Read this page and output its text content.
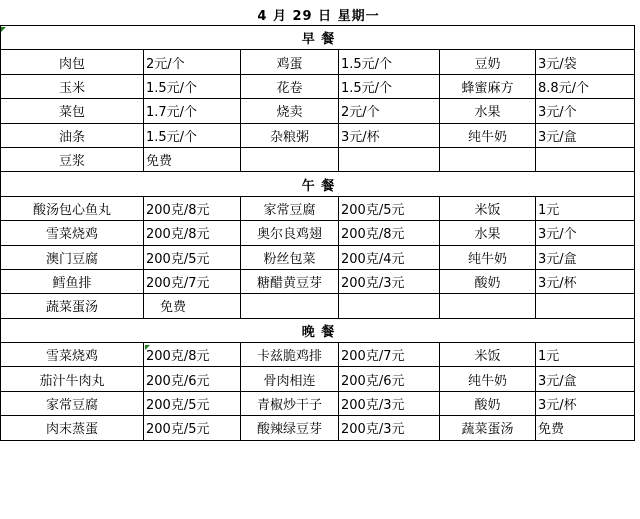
4 月 29 日 星期一					
早 餐					
肉包	2元/个	鸡蛋	1.5元/个	豆奶	3元/袋
玉米	1.5元/个	花卷	1.5元/个	蜂蜜麻方	8.8元/个
菜包	1.7元/个	烧卖	2元/个	水果	3元/个
油条	1.5元/个	杂粮粥	3元/杯	纯牛奶	3元/盒
豆浆	免费				
午 餐					
酸汤包心鱼丸	200克/8元	家常豆腐	200克/5元	米饭	1元
雪菜烧鸡	200克/8元	奥尔良鸡翅	200克/8元	水果	3元/个
澳门豆腐	200克/5元	粉丝包菜	200克/4元	纯牛奶	3元/盒
鳕鱼排	200克/7元	糖醋黄豆芽	200克/3元	酸奶	3元/杯
蔬菜蛋汤	免费				
晚 餐					
雪菜烧鸡	200克/8元	卡兹脆鸡排	200克/7元	米饭	1元
茄汁牛肉丸	200克/6元	骨肉相连	200克/6元	纯牛奶	3元/盒
家常豆腐	200克/5元	青椒炒干子	200克/3元	酸奶	3元/杯
肉末蒸蛋	200克/5元	酸辣绿豆芽	200克/3元	蔬菜蛋汤	免费
